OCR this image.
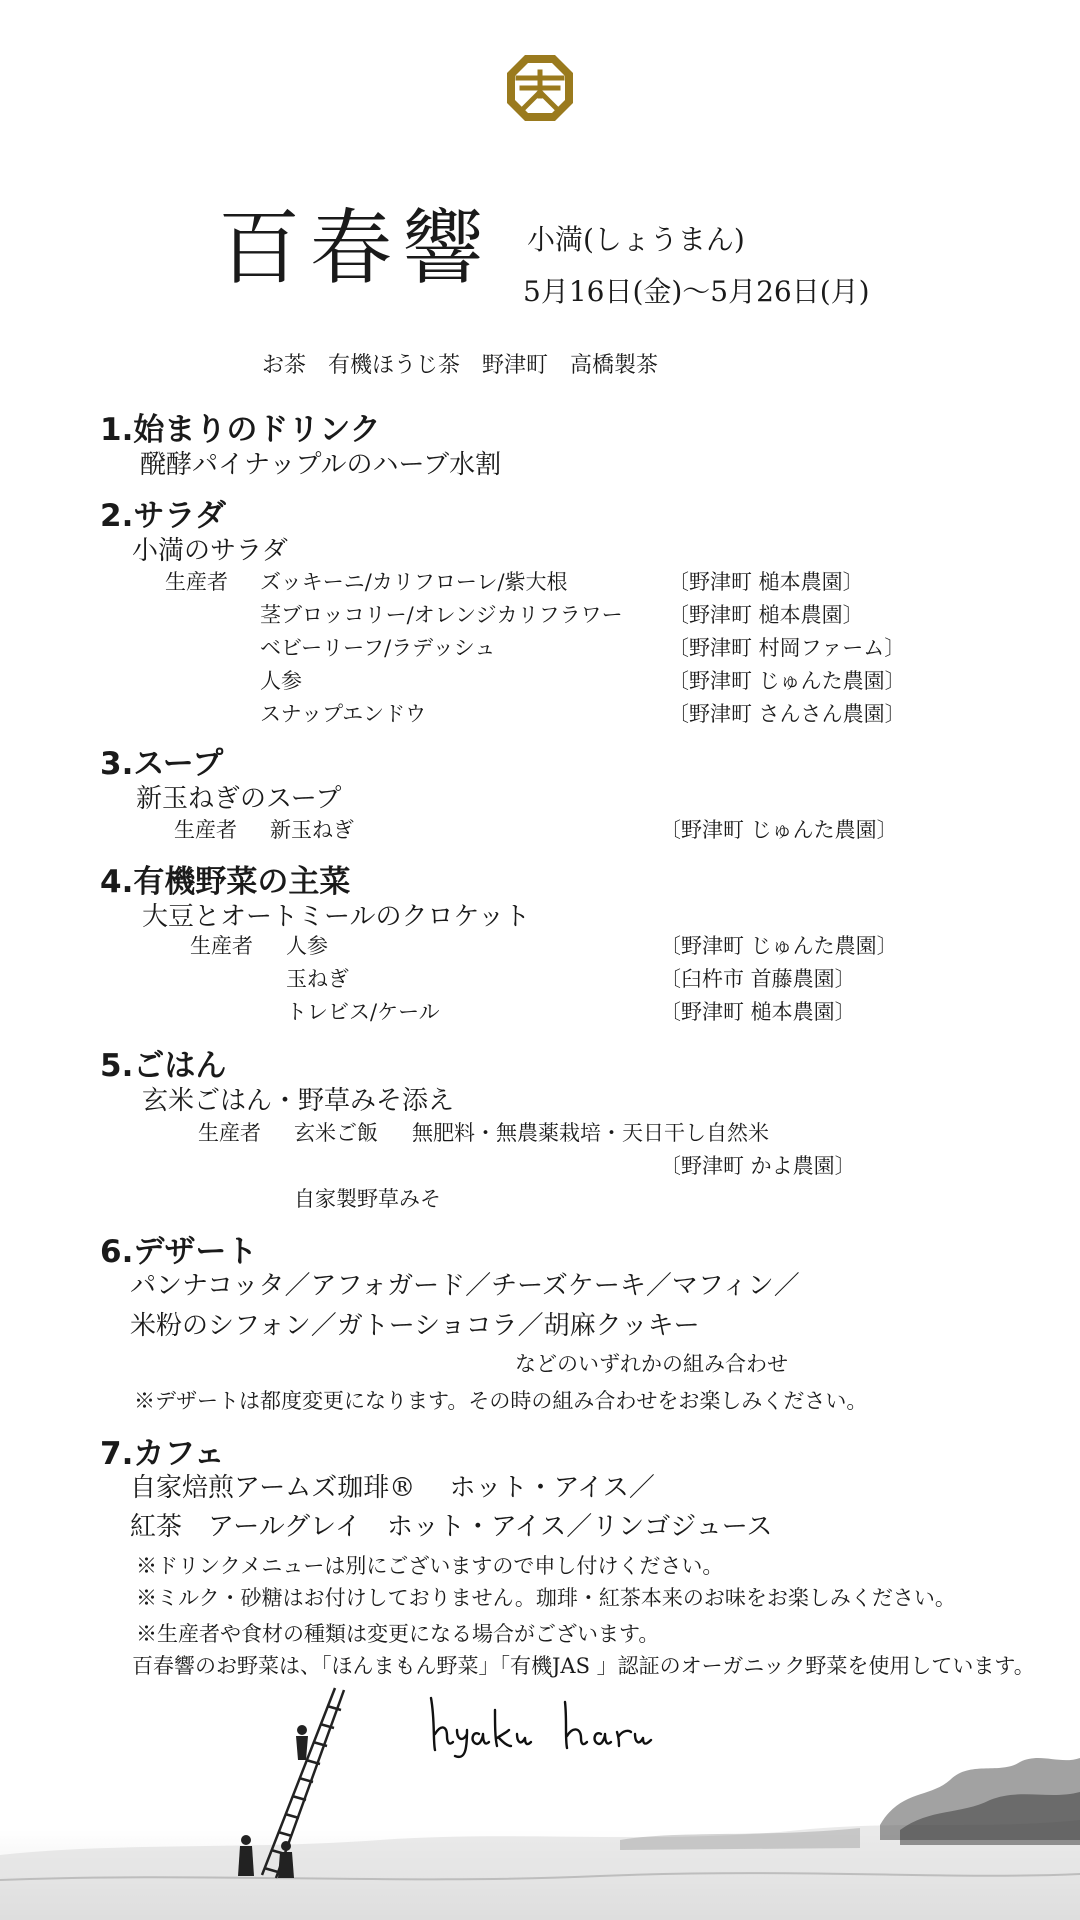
百春響 小満(しょうまん)
5月16日(金)〜5月26日(月)
お茶 有機ほうじ茶 野津町 高橋製茶
1.始まりのドリンク
醗酵パイナップルのハーブ水割
2.サラダ
小満のサラダ
生産者 ズッキーニ/カリフローレ/紫大根	〔野津町 槌本農園〕
茎ブロッコリー/オレンジカリフラワー 〔野津町 槌本農園〕
ベビーリーフ/ラデッシュ	〔野津町 村岡ファーム〕
人参	〔野津町 じゅんた農園〕
スナップエンドウ	〔野津町 さんさん農園〕
3.スープ
新玉ねぎのスープ
生産者 新玉ねぎ	〔野津町 じゅんた農園〕
4.有機野菜の主菜
大豆とオートミールのクロケット
生産者 人参	〔野津町 じゅんた農園〕
玉ねぎ	〔臼杵市 首藤農園〕
トレビス/ケール	〔野津町 槌本農園〕
5.ごはん
玄米ごはん・野草みそ添え
生産者 玄米ご飯 無肥料・無農薬栽培・天日干し自然米
〔野津町 かよ農園〕
自家製野草みそ
6.デザート
パンナコッタ／アフォガード／チーズケーキ／マフィン／
米粉のシフォン／ガトーショコラ／胡麻クッキー
などのいずれかの組み合わせ
※デザートは都度変更になります。その時の組み合わせをお楽しみください。
7.カフェ
自家焙煎アームズ珈琲® 　ホット・アイス／
紅茶　アールグレイ　ホット・アイス／リンゴジュース
※ドリンクメニューは別にございますので申し付けください。
※ミルク・砂糖はお付けしておりません。珈琲・紅茶本来のお味をお楽しみください。
※生産者や食材の種類は変更になる場合がございます。
百春響のお野菜は、「ほんまもん野菜」「有機JAS 」認証のオーガニック野菜を使用しています。
